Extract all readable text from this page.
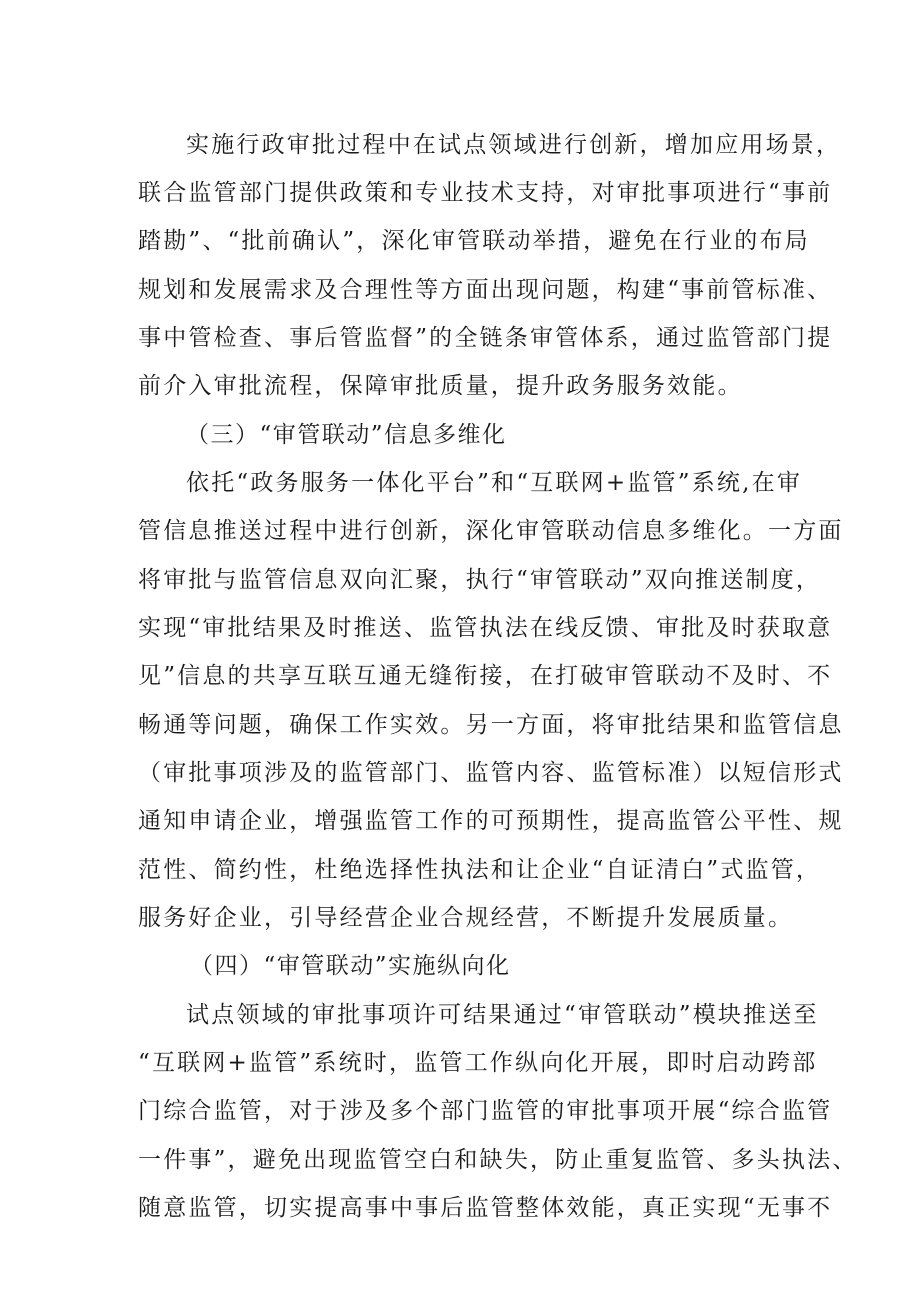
实施行政审批过程中在试点领域进行创新，增加应用场景，
联合监管部门提供政策和专业技术支持，对审批事项进行“事前
踏勘”、“批前确认”，深化审管联动举措，避免在行业的布局
规划和发展需求及合理性等方面出现问题，构建“事前管标准、
事中管检查、事后管监督”的全链条审管体系，通过监管部门提
前介入审批流程，保障审批质量，提升政务服务效能。
（三）“审管联动”信息多维化
依托“政务服务一体化平台”和“互联网+监管”系统,在审
管信息推送过程中进行创新，深化审管联动信息多维化。一方面
将审批与监管信息双向汇聚，执行“审管联动”双向推送制度，
实现“审批结果及时推送、监管执法在线反馈、审批及时获取意
见”信息的共享互联互通无缝衔接，在打破审管联动不及时、不
畅通等问题，确保工作实效。另一方面，将审批结果和监管信息
（审批事项涉及的监管部门、监管内容、监管标准）以短信形式
通知申请企业，增强监管工作的可预期性，提高监管公平性、规
范性、简约性，杜绝选择性执法和让企业“自证清白”式监管，
服务好企业，引导经营企业合规经营，不断提升发展质量。
（四）“审管联动”实施纵向化
试点领域的审批事项许可结果通过“审管联动”模块推送至
“互联网+监管”系统时，监管工作纵向化开展，即时启动跨部
门综合监管，对于涉及多个部门监管的审批事项开展“综合监管
一件事”，避免出现监管空白和缺失，防止重复监管、多头执法、
随意监管，切实提高事中事后监管整体效能，真正实现“无事不
